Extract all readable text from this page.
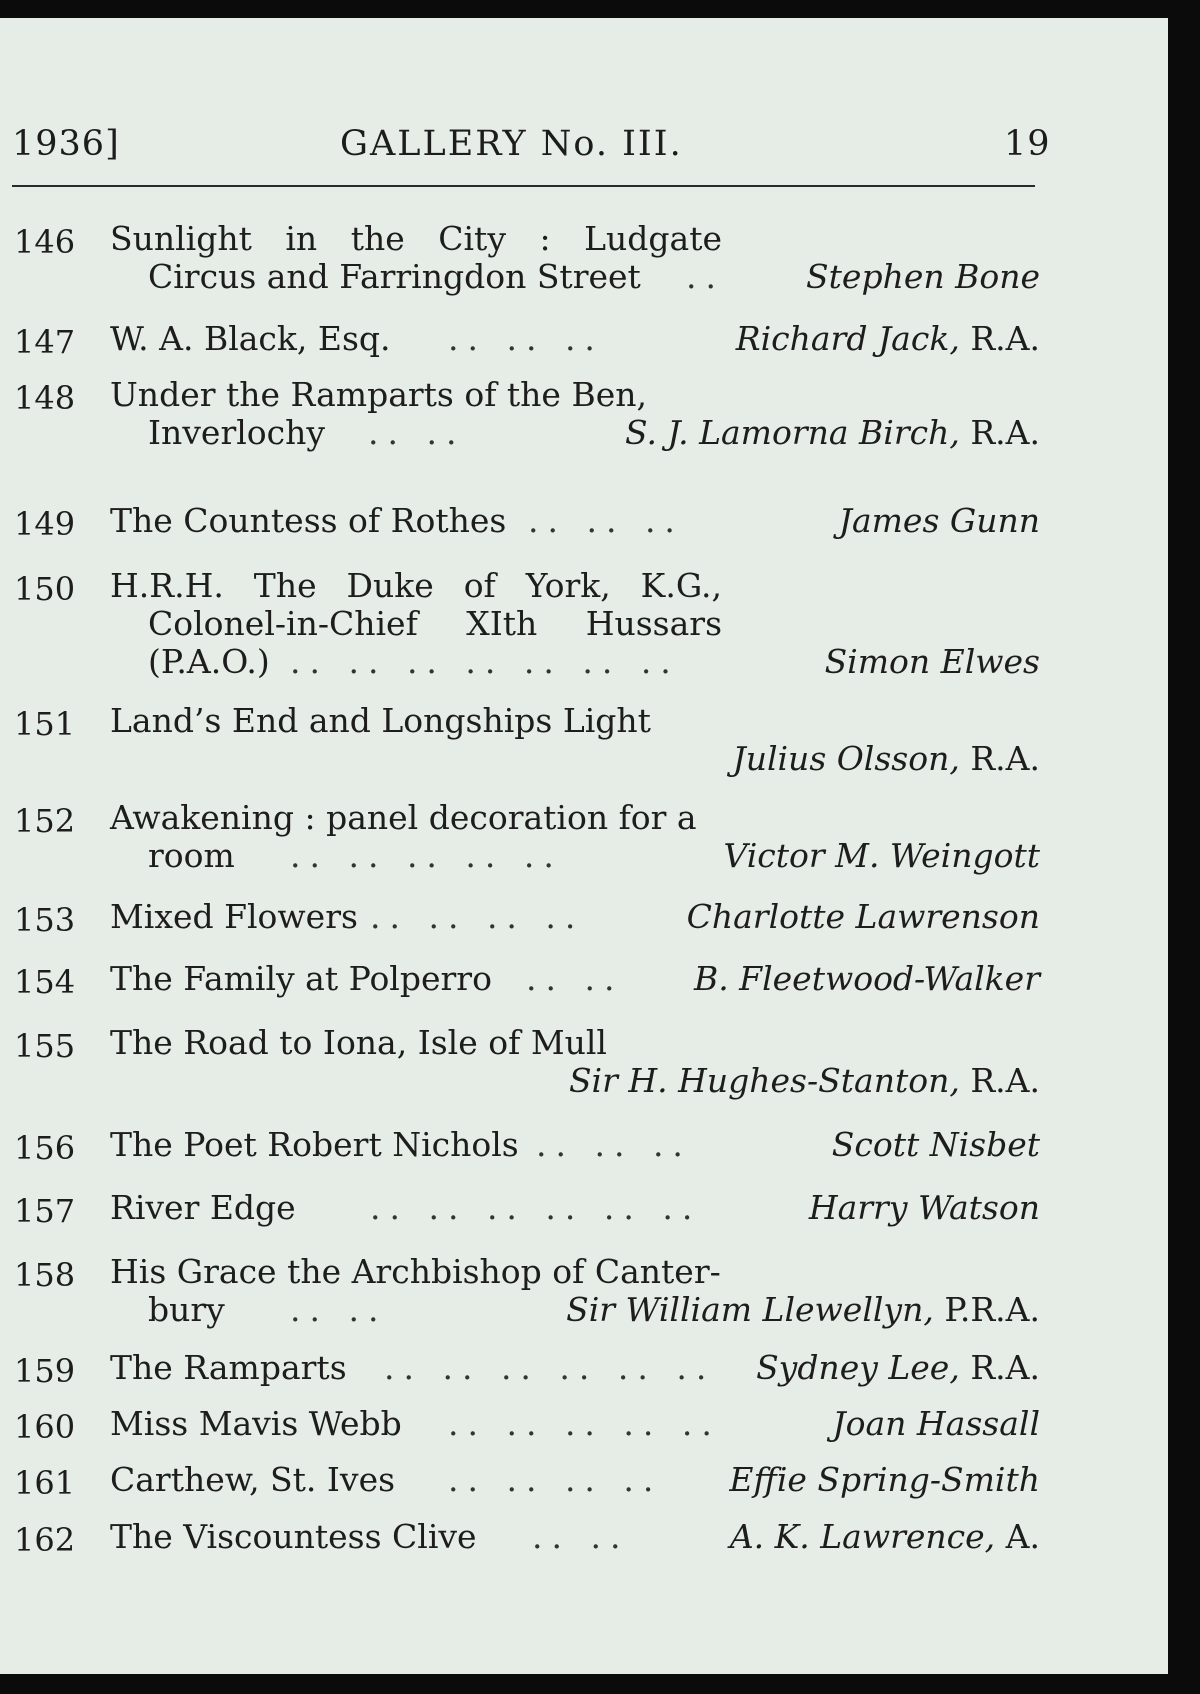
1936]	GALLERY No. III.	19
146 Sunlight in the City : Ludgate
Circus and Farringdon Street .. Stephen Bone
147 W. A. Black, Esq. .. .. ..	Richard Jack, R.A.
148 Under the Ramparts of the Ben,
Inverlochy .. ..	S. J. Lamorna Birch, R.A.
149 The Countess of Rothes .. .. ..	James Gunn
150 H.R.H. The Duke of York, K.G.,
Colonel-in-Chief XIth Hussars
(P.A.O.) .. .. .. .. .. .. ..	Simon Elwes
151 Land’s End and Longships Light
Julius Olsson, R.A.
152 Awakening : panel decoration for a
room .. .. .. .. ..	Victor M. Weingott
153 Mixed Flowers .. .. .. ..	Charlotte Lawrenson
154 The Family at Polperro .. .. B. Fleetwood-Walker
155 The Road to Iona, Isle of Mull
Sir H. Hughes-Stanton, R.A.
156 The Poet Robert Nichols .. .. ..	Scott Nisbet
157 River Edge .. .. .. .. .. ..	Harry Watson
158 His Grace the Archbishop of Canter-
bury .. ..	Sir William Llewellyn, P.R.A.
159 The Ramparts .. .. .. .. .. .. Sydney Lee, R.A.
160 Miss Mavis Webb .. .. .. .. ..	Joan Hassall
161 Carthew, St. Ives .. .. .. .. Effie Spring-Smith
162 The Viscountess Clive .. ..	A. K. Lawrence, A.
